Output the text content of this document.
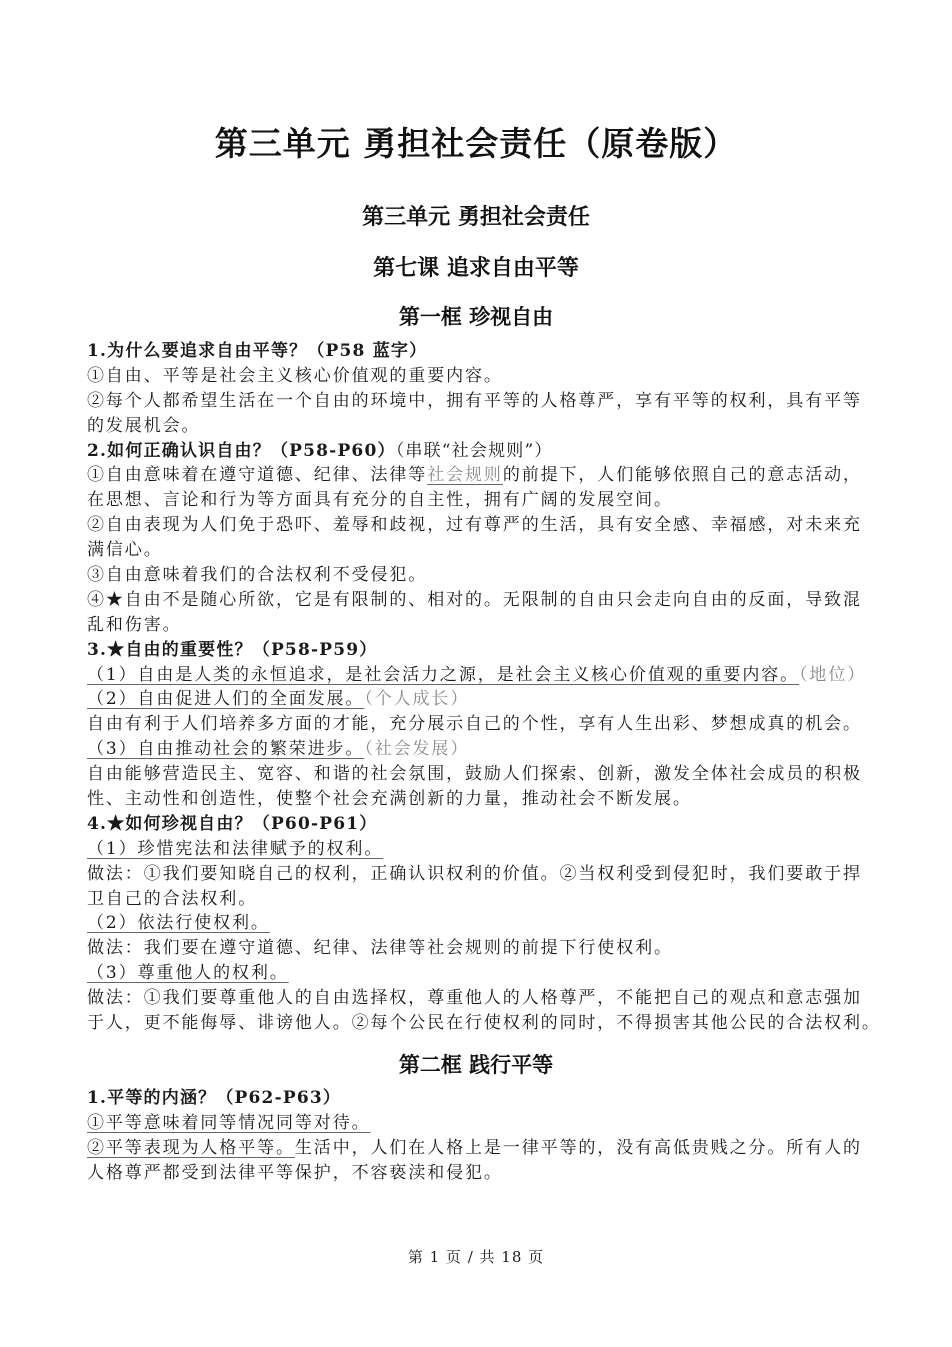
第三单元 勇担社会责任（原卷版）
第三单元 勇担社会责任
第七课 追求自由平等
第一框 珍视自由
1.为什么要追求自由平等？（P58 蓝字）
①自由、平等是社会主义核心价值观的重要内容。
②每个人都希望生活在一个自由的环境中，拥有平等的人格尊严，享有平等的权利，具有平等
的发展机会。
2.如何正确认识自由？（P58-P60）（串联“社会规则”）
①自由意味着在遵守道德、纪律、法律等社会规则的前提下，人们能够依照自己的意志活动，
在思想、言论和行为等方面具有充分的自主性，拥有广阔的发展空间。
②自由表现为人们免于恐吓、羞辱和歧视，过有尊严的生活，具有安全感、幸福感，对未来充
满信心。
③自由意味着我们的合法权利不受侵犯。
④★自由不是随心所欲，它是有限制的、相对的。无限制的自由只会走向自由的反面，导致混
乱和伤害。
3.★自由的重要性？（P58-P59）
（1）自由是人类的永恒追求，是社会活力之源，是社会主义核心价值观的重要内容。（地位）
（2）自由促进人们的全面发展。（个人成长）
自由有利于人们培养多方面的才能，充分展示自己的个性，享有人生出彩、梦想成真的机会。
（3）自由推动社会的繁荣进步。（社会发展）
自由能够营造民主、宽容、和谐的社会氛围，鼓励人们探索、创新，激发全体社会成员的积极
性、主动性和创造性，使整个社会充满创新的力量，推动社会不断发展。
4.★如何珍视自由？（P60-P61）
（1）珍惜宪法和法律赋予的权利。
做法：①我们要知晓自己的权利，正确认识权利的价值。②当权利受到侵犯时，我们要敢于捍
卫自己的合法权利。
（2）依法行使权利。
做法：我们要在遵守道德、纪律、法律等社会规则的前提下行使权利。
（3）尊重他人的权利。
做法：①我们要尊重他人的自由选择权，尊重他人的人格尊严，不能把自己的观点和意志强加
于人，更不能侮辱、诽谤他人。②每个公民在行使权利的同时，不得损害其他公民的合法权利。
第二框 践行平等
1.平等的内涵？（P62-P63）
①平等意味着同等情况同等对待。
②平等表现为人格平等。生活中，人们在人格上是一律平等的，没有高低贵贱之分。所有人的
人格尊严都受到法律平等保护，不容亵渎和侵犯。
第 1 页 / 共 18 页
